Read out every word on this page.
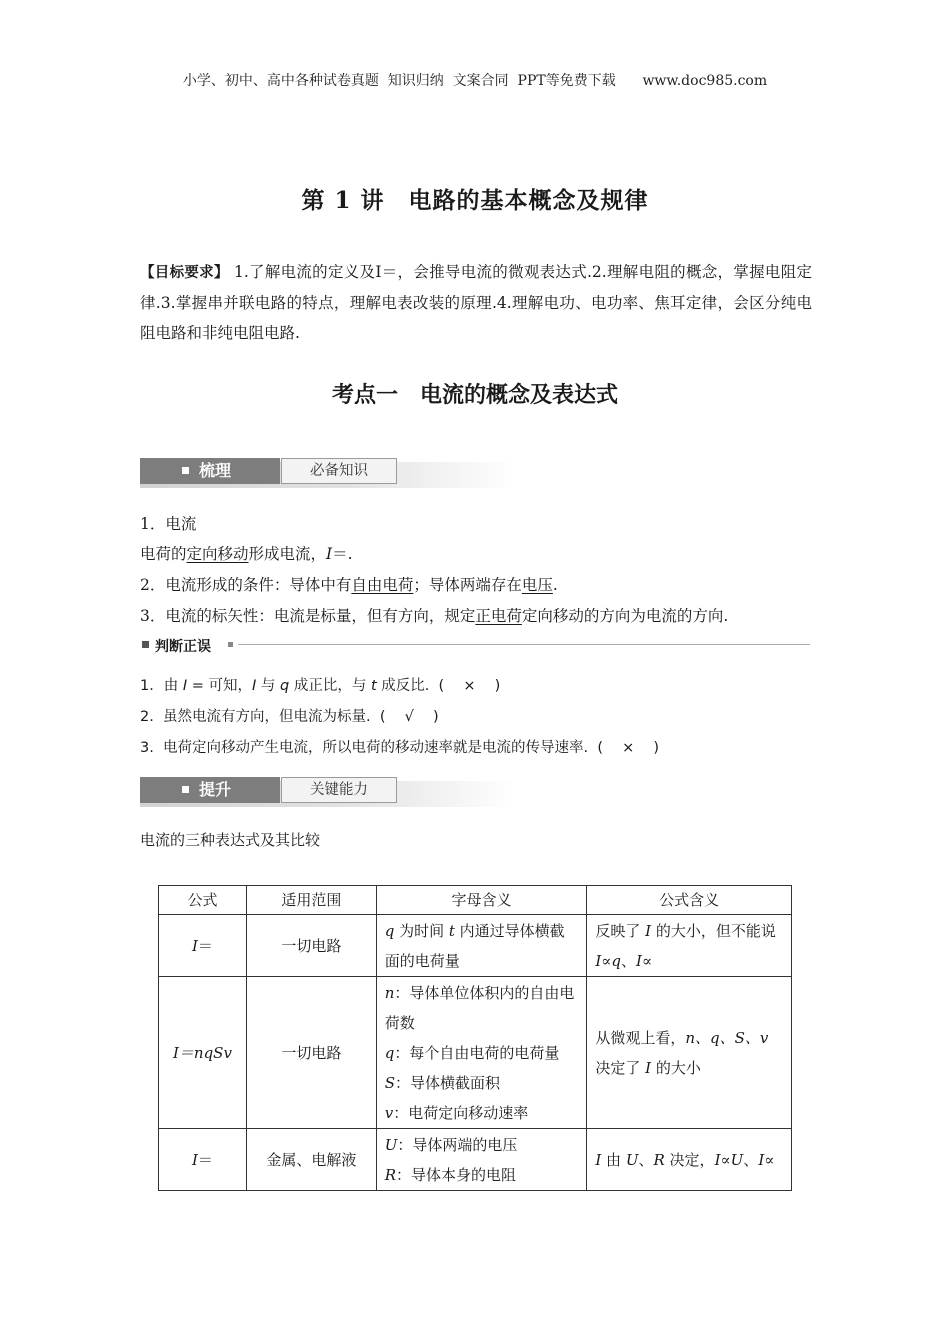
小学、初中、高中各种试卷真题  知识归纳  文案合同  PPT等免费下载      www.doc985.com
第 1 讲　电路的基本概念及规律
【目标要求】 1.了解电流的定义及I＝，会推导电流的微观表达式.2.理解电阻的概念，掌握电阻定律.3.掌握串并联电路的特点，理解电表改装的原理.4.理解电功、电功率、焦耳定律，会区分纯电阻电路和非纯电阻电路.
考点一　电流的概念及表达式
梳理	必备知识
1．电流
电荷的定向移动形成电流，I＝.
2．电流形成的条件：导体中有自由电荷；导体两端存在电压.
3．电流的标矢性：电流是标量，但有方向，规定正电荷定向移动的方向为电流的方向.
判断正误
1．由 I = 可知，I 与 q 成正比，与 t 成反比.  (　 ×　 )
2.  虽然电流有方向，但电流为标量.  (　 √　 )
3.  电荷定向移动产生电流，所以电荷的移动速率就是电流的传导速率.  (　 ×　 )
提升	关键能力
电流的三种表达式及其比较
公式	适用范围	字母含义	公式含义
I＝	一切电路	q 为时间 t 内通过导体横截面的电荷量	反映了 I 的大小，但不能说I∝q、I∝
I＝nqSv	一切电路	n：导体单位体积内的自由电荷数
q：每个自由电荷的电荷量
S：导体横截面积
v：电荷定向移动速率	从微观上看，n、q、S、v 决定了 I 的大小
I＝	金属、电解液	U：导体两端的电压
R：导体本身的电阻	I 由 U、R 决定，I∝U、I∝
